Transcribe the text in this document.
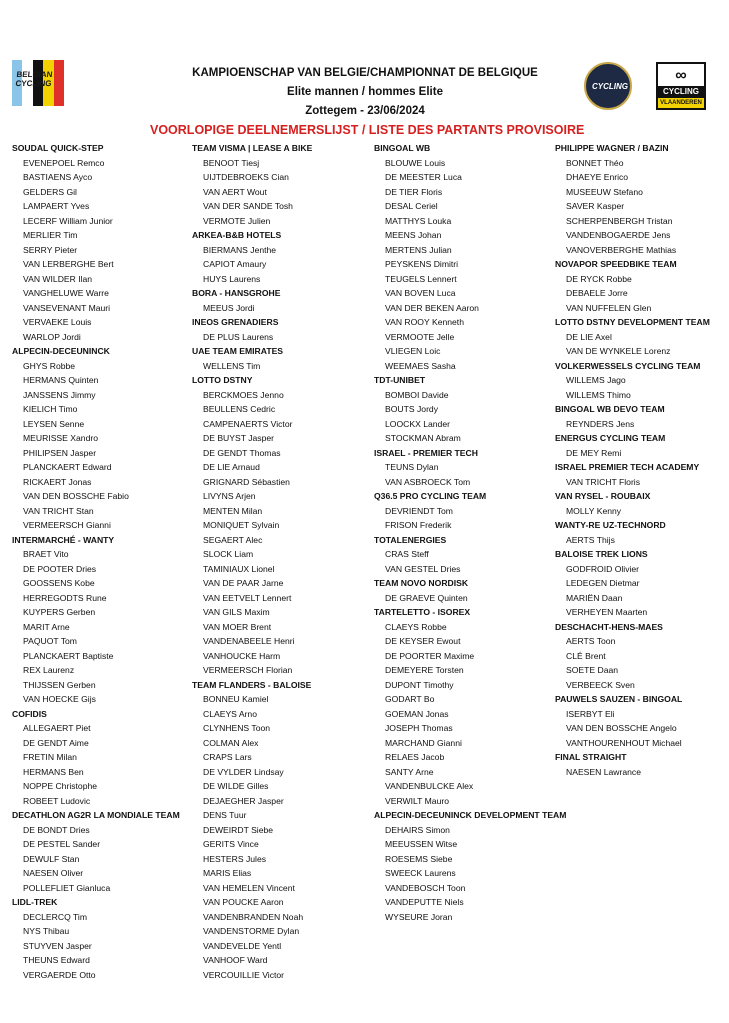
BELGIAN CYCLING	CYCLING
∞
CYCLING
VLAANDEREN
KAMPIOENSCHAP VAN BELGIE/CHAMPIONNAT DE BELGIQUE
Elite mannen / hommes Elite
Zottegem - 23/06/2024
VOORLOPIGE DEELNEMERSLIJST / LISTE DES PARTANTS PROVISOIRE
SOUDAL QUICK-STEP
EVENEPOEL Remco
BASTIAENS Ayco
GELDERS Gil
LAMPAERT Yves
LECERF William Junior
MERLIER Tim
SERRY Pieter
VAN LERBERGHE Bert
VAN WILDER Ilan
VANGHELUWE Warre
VANSEVENANT Mauri
VERVAEKE Louis
WARLOP Jordi
ALPECIN-DECEUNINCK
GHYS Robbe
HERMANS Quinten
JANSSENS Jimmy
KIELICH Timo
LEYSEN Senne
MEURISSE Xandro
PHILIPSEN Jasper
PLANCKAERT Edward
RICKAERT Jonas
VAN DEN BOSSCHE Fabio
VAN TRICHT Stan
VERMEERSCH Gianni
INTERMARCHÉ - WANTY
BRAET Vito
DE POOTER Dries
GOOSSENS Kobe
HERREGODTS Rune
KUYPERS Gerben
MARIT Arne
PAQUOT Tom
PLANCKAERT Baptiste
REX Laurenz
THIJSSEN Gerben
VAN HOECKE Gijs
COFIDIS
ALLEGAERT Piet
DE GENDT Aime
FRETIN Milan
HERMANS Ben
NOPPE Christophe
ROBEET Ludovic
DECATHLON AG2R LA MONDIALE TEAM
DE BONDT Dries
DE PESTEL Sander
DEWULF Stan
NAESEN Oliver
POLLEFLIET Gianluca
LIDL-TREK
DECLERCQ Tim
NYS Thibau
STUYVEN Jasper
THEUNS Edward
VERGAERDE Otto
TEAM VISMA | LEASE A BIKE
BENOOT Tiesj
UIJTDEBROEKS Cian
VAN AERT Wout
VAN DER SANDE Tosh
VERMOTE Julien
ARKEA-B&B HOTELS
BIERMANS Jenthe
CAPIOT Amaury
HUYS Laurens
BORA - HANSGROHE
MEEUS Jordi
INEOS GRENADIERS
DE PLUS Laurens
UAE TEAM EMIRATES
WELLENS Tim
LOTTO DSTNY
BERCKMOES Jenno
BEULLENS Cedric
CAMPENAERTS Victor
DE BUYST Jasper
DE GENDT Thomas
DE LIE Arnaud
GRIGNARD Sébastien
LIVYNS Arjen
MENTEN Milan
MONIQUET Sylvain
SEGAERT Alec
SLOCK Liam
TAMINIAUX Lionel
VAN DE PAAR Jarne
VAN EETVELT Lennert
VAN GILS Maxim
VAN MOER Brent
VANDENABEELE Henri
VANHOUCKE Harm
VERMEERSCH Florian
TEAM FLANDERS - BALOISE
BONNEU Kamiel
CLAEYS Arno
CLYNHENS Toon
COLMAN Alex
CRAPS Lars
DE VYLDER Lindsay
DE WILDE Gilles
DEJAEGHER Jasper
DENS Tuur
DEWEIRDT Siebe
GERITS Vince
HESTERS Jules
MARIS Elias
VAN HEMELEN Vincent
VAN POUCKE Aaron
VANDENBRANDEN Noah
VANDENSTORME Dylan
VANDEVELDE Yentl
VANHOOF Ward
VERCOUILLIE Victor
BINGOAL WB
BLOUWE Louis
DE MEESTER Luca
DE TIER Floris
DESAL Ceriel
MATTHYS Louka
MEENS Johan
MERTENS Julian
PEYSKENS Dimitri
TEUGELS Lennert
VAN BOVEN Luca
VAN DER BEKEN Aaron
VAN ROOY Kenneth
VERMOOTE Jelle
VLIEGEN Loic
WEEMAES Sasha
TDT-UNIBET
BOMBOI Davide
BOUTS Jordy
LOOCKX Lander
STOCKMAN Abram
ISRAEL - PREMIER TECH
TEUNS Dylan
VAN ASBROECK Tom
Q36.5 PRO CYCLING TEAM
DEVRIENDT Tom
FRISON Frederik
TOTALENERGIES
CRAS Steff
VAN GESTEL Dries
TEAM NOVO NORDISK
DE GRAEVE Quinten
TARTELETTO - ISOREX
CLAEYS Robbe
DE KEYSER Ewout
DE POORTER Maxime
DEMEYERE Torsten
DUPONT Timothy
GODART Bo
GOEMAN Jonas
JOSEPH Thomas
MARCHAND Gianni
RELAES Jacob
SANTY Arne
VANDENBULCKE Alex
VERWILT Mauro
ALPECIN-DECEUNINCK DEVELOPMENT TEAM
DEHAIRS Simon
MEEUSSEN Witse
ROESEMS Siebe
SWEECK Laurens
VANDEBOSCH Toon
VANDEPUTTE Niels
WYSEURE Joran
PHILIPPE WAGNER / BAZIN
BONNET Théo
DHAEYE Enrico
MUSEEUW Stefano
SAVER Kasper
SCHERPENBERGH Tristan
VANDENBOGAERDE Jens
VANOVERBERGHE Mathias
NOVAPOR SPEEDBIKE TEAM
DE RYCK Robbe
DEBAELE Jorre
VAN NUFFELEN Glen
LOTTO DSTNY DEVELOPMENT TEAM
DE LIE Axel
VAN DE WYNKELE Lorenz
VOLKERWESSELS CYCLING TEAM
WILLEMS Jago
WILLEMS Thimo
BINGOAL WB DEVO TEAM
REYNDERS Jens
ENERGUS CYCLING TEAM
DE MEY Remi
ISRAEL PREMIER TECH ACADEMY
VAN TRICHT Floris
VAN RYSEL - ROUBAIX
MOLLY Kenny
WANTY-RE UZ-TECHNORD
AERTS Thijs
BALOISE TREK LIONS
GODFROID Olivier
LEDEGEN Dietmar
MARIËN Daan
VERHEYEN Maarten
DESCHACHT-HENS-MAES
AERTS Toon
CLÉ Brent
SOETE Daan
VERBEECK Sven
PAUWELS SAUZEN - BINGOAL
ISERBYT Eli
VAN DEN BOSSCHE Angelo
VANTHOURENHOUT Michael
FINAL STRAIGHT
NAESEN Lawrance
